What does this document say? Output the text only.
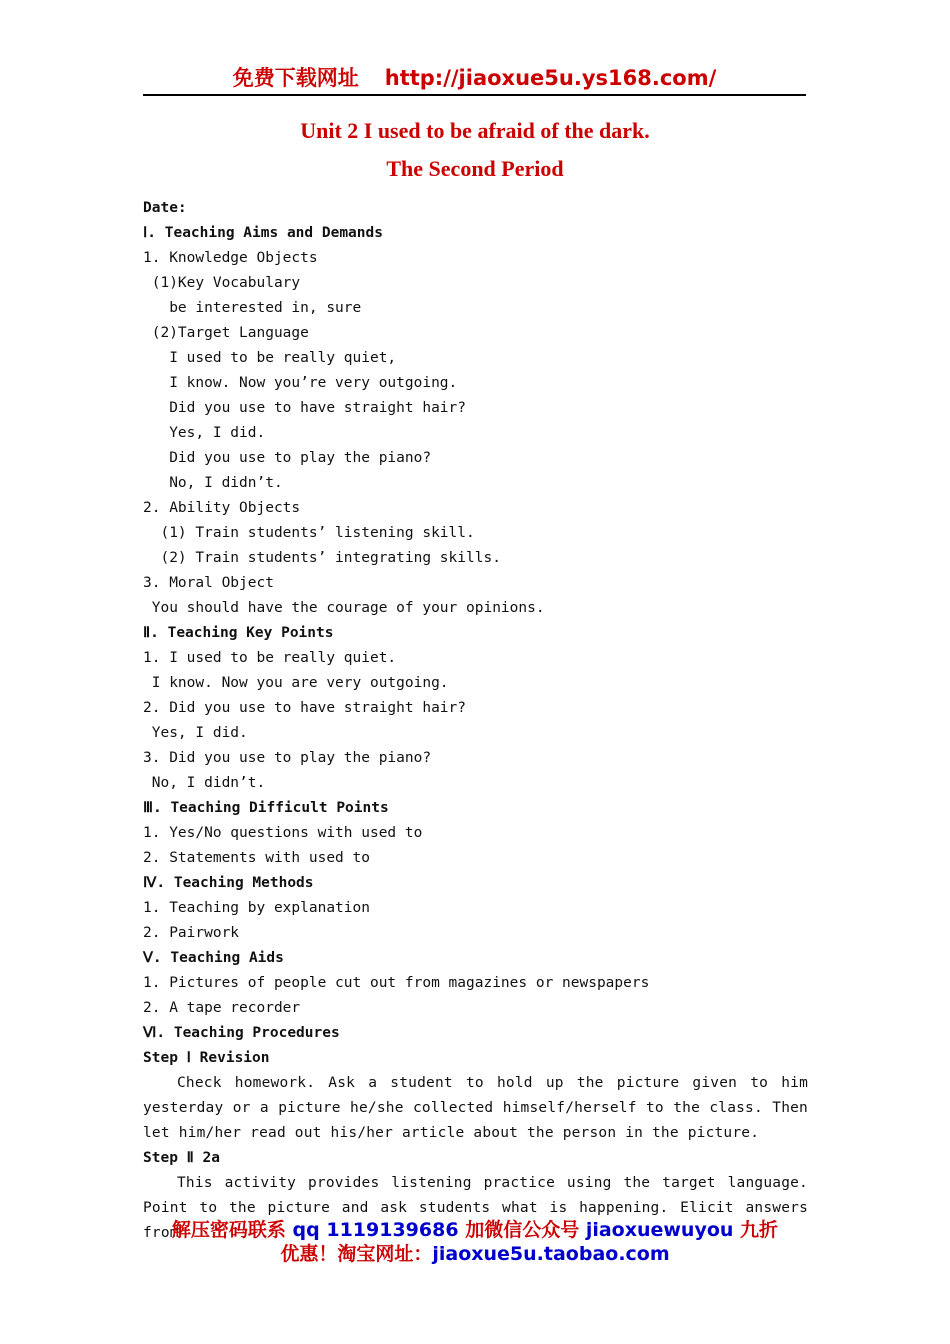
免费下载网址 http://jiaoxue5u.ys168.com/
Unit 2 I used to be afraid of the dark.
The Second Period
Date:
Ⅰ. Teaching Aims and Demands
1. Knowledge Objects
(1)Key Vocabulary
be interested in, sure
(2)Target Language
I used to be really quiet,
I know. Now you’re very outgoing.
Did you use to have straight hair?
Yes, I did.
Did you use to play the piano?
No, I didn’t.
2. Ability Objects
(1) Train students’ listening skill.
(2) Train students’ integrating skills.
3. Moral Object
You should have the courage of your opinions.
Ⅱ. Teaching Key Points
1. I used to be really quiet.
I know. Now you are very outgoing.
2. Did you use to have straight hair?
Yes, I did.
3. Did you use to play the piano?
No, I didn’t.
Ⅲ. Teaching Difficult Points
1. Yes/No questions with used to
2. Statements with used to
Ⅳ. Teaching Methods
1. Teaching by explanation
2. Pairwork
Ⅴ. Teaching Aids
1. Pictures of people cut out from magazines or newspapers
2. A tape recorder
Ⅵ. Teaching Procedures
Step Ⅰ Revision
Check homework. Ask a student to hold up the picture given to him yesterday or a picture he/she collected himself/herself to the class. Then let him/her read out his/her article about the person in the picture.
Step Ⅱ 2a
This activity provides listening practice using the target language. Point to the picture and ask students what is happening. Elicit answers from
解压密码联系 qq 1119139686 加微信公众号 jiaoxuewuyou 九折
优惠！淘宝网址：jiaoxue5u.taobao.com
